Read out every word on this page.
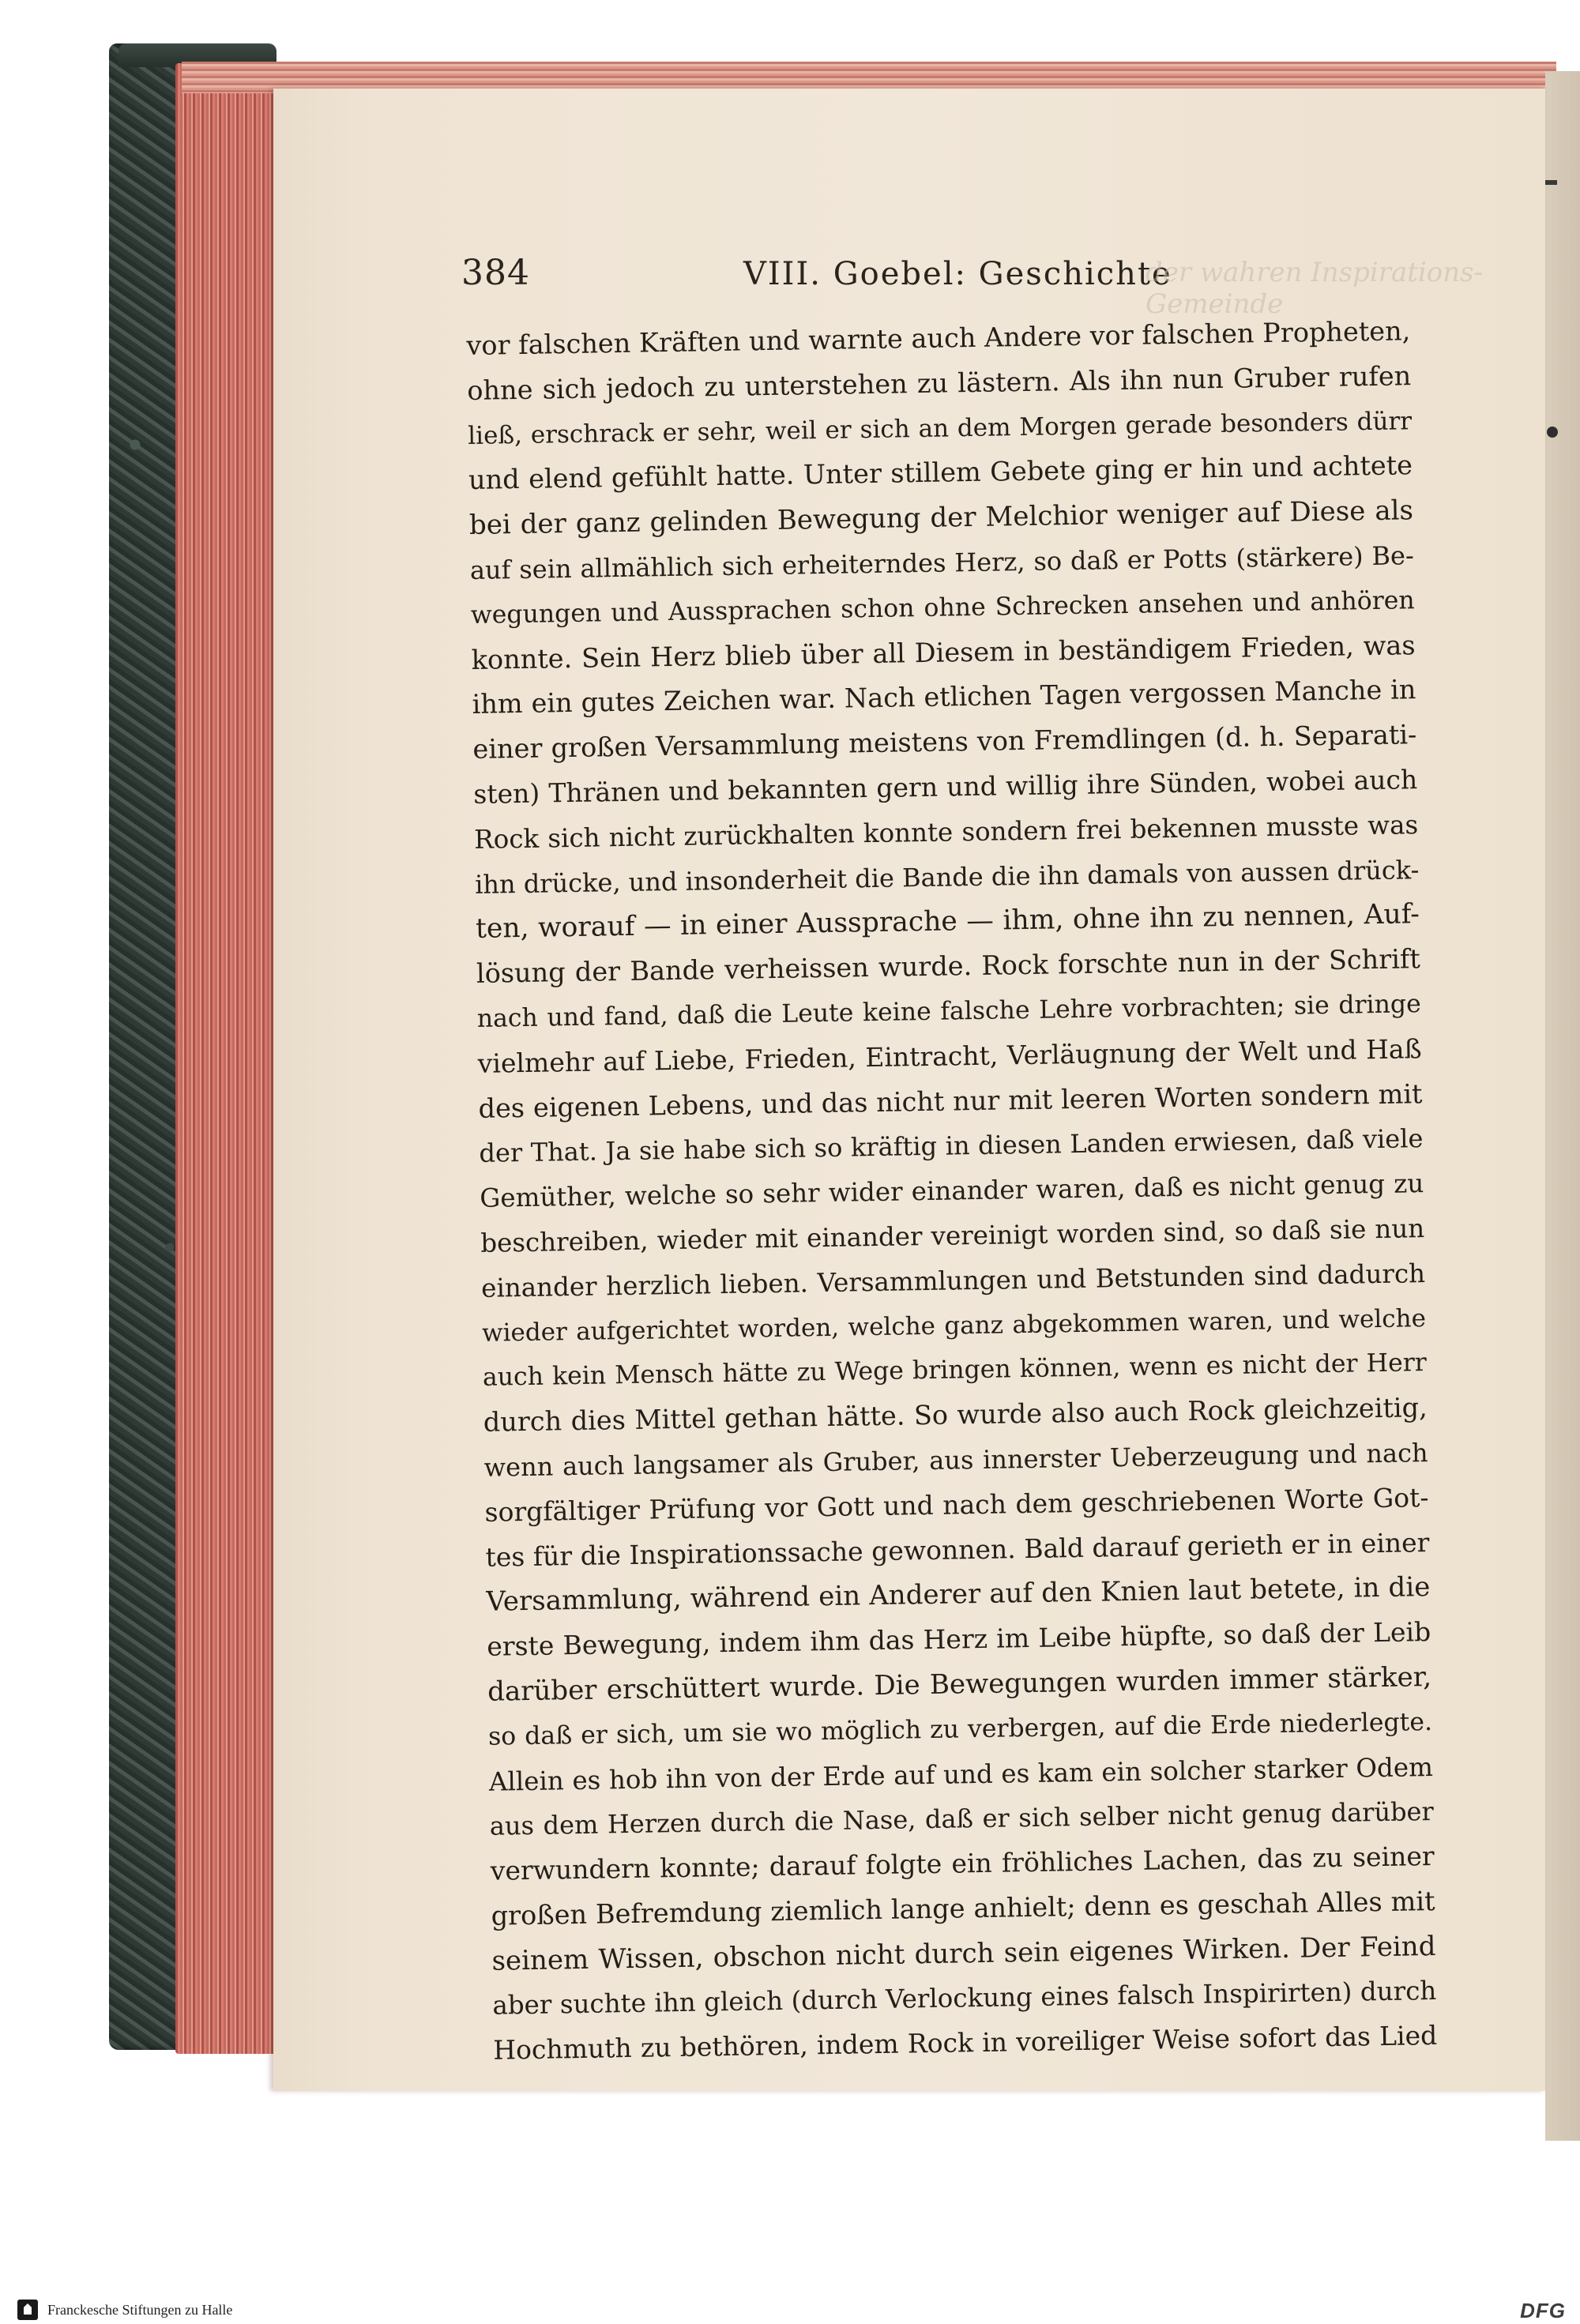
384	VIII. Goebel: Geschichte
der wahren Inspirations-Gemeinde
vor falschen Kräften und warnte auch Andere vor falschen Propheten,
ohne sich jedoch zu unterstehen zu lästern. Als ihn nun Gruber rufen
ließ, erschrack er sehr, weil er sich an dem Morgen gerade besonders dürr
und elend gefühlt hatte. Unter stillem Gebete ging er hin und achtete
bei der ganz gelinden Bewegung der Melchior weniger auf Diese als
auf sein allmählich sich erheiterndes Herz, so daß er Potts (stärkere) Be-
wegungen und Aussprachen schon ohne Schrecken ansehen und anhören
konnte. Sein Herz blieb über all Diesem in beständigem Frieden, was
ihm ein gutes Zeichen war. Nach etlichen Tagen vergossen Manche in
einer großen Versammlung meistens von Fremdlingen (d. h. Separati-
sten) Thränen und bekannten gern und willig ihre Sünden, wobei auch
Rock sich nicht zurückhalten konnte sondern frei bekennen musste was
ihn drücke, und insonderheit die Bande die ihn damals von aussen drück-
ten, worauf — in einer Aussprache — ihm, ohne ihn zu nennen, Auf-
lösung der Bande verheissen wurde. Rock forschte nun in der Schrift
nach und fand, daß die Leute keine falsche Lehre vorbrachten; sie dringe
vielmehr auf Liebe, Frieden, Eintracht, Verläugnung der Welt und Haß
des eigenen Lebens, und das nicht nur mit leeren Worten sondern mit
der That. Ja sie habe sich so kräftig in diesen Landen erwiesen, daß viele
Gemüther, welche so sehr wider einander waren, daß es nicht genug zu
beschreiben, wieder mit einander vereinigt worden sind, so daß sie nun
einander herzlich lieben. Versammlungen und Betstunden sind dadurch
wieder aufgerichtet worden, welche ganz abgekommen waren, und welche
auch kein Mensch hätte zu Wege bringen können, wenn es nicht der Herr
durch dies Mittel gethan hätte. So wurde also auch Rock gleichzeitig,
wenn auch langsamer als Gruber, aus innerster Ueberzeugung und nach
sorgfältiger Prüfung vor Gott und nach dem geschriebenen Worte Got-
tes für die Inspirationssache gewonnen. Bald darauf gerieth er in einer
Versammlung, während ein Anderer auf den Knien laut betete, in die
erste Bewegung, indem ihm das Herz im Leibe hüpfte, so daß der Leib
darüber erschüttert wurde. Die Bewegungen wurden immer stärker,
so daß er sich, um sie wo möglich zu verbergen, auf die Erde niederlegte.
Allein es hob ihn von der Erde auf und es kam ein solcher starker Odem
aus dem Herzen durch die Nase, daß er sich selber nicht genug darüber
verwundern konnte; darauf folgte ein fröhliches Lachen, das zu seiner
großen Befremdung ziemlich lange anhielt; denn es geschah Alles mit
seinem Wissen, obschon nicht durch sein eigenes Wirken. Der Feind
aber suchte ihn gleich (durch Verlockung eines falsch Inspirirten) durch
Hochmuth zu bethören, indem Rock in voreiliger Weise sofort das Lied
Franckesche Stiftungen zu Halle	DFG
